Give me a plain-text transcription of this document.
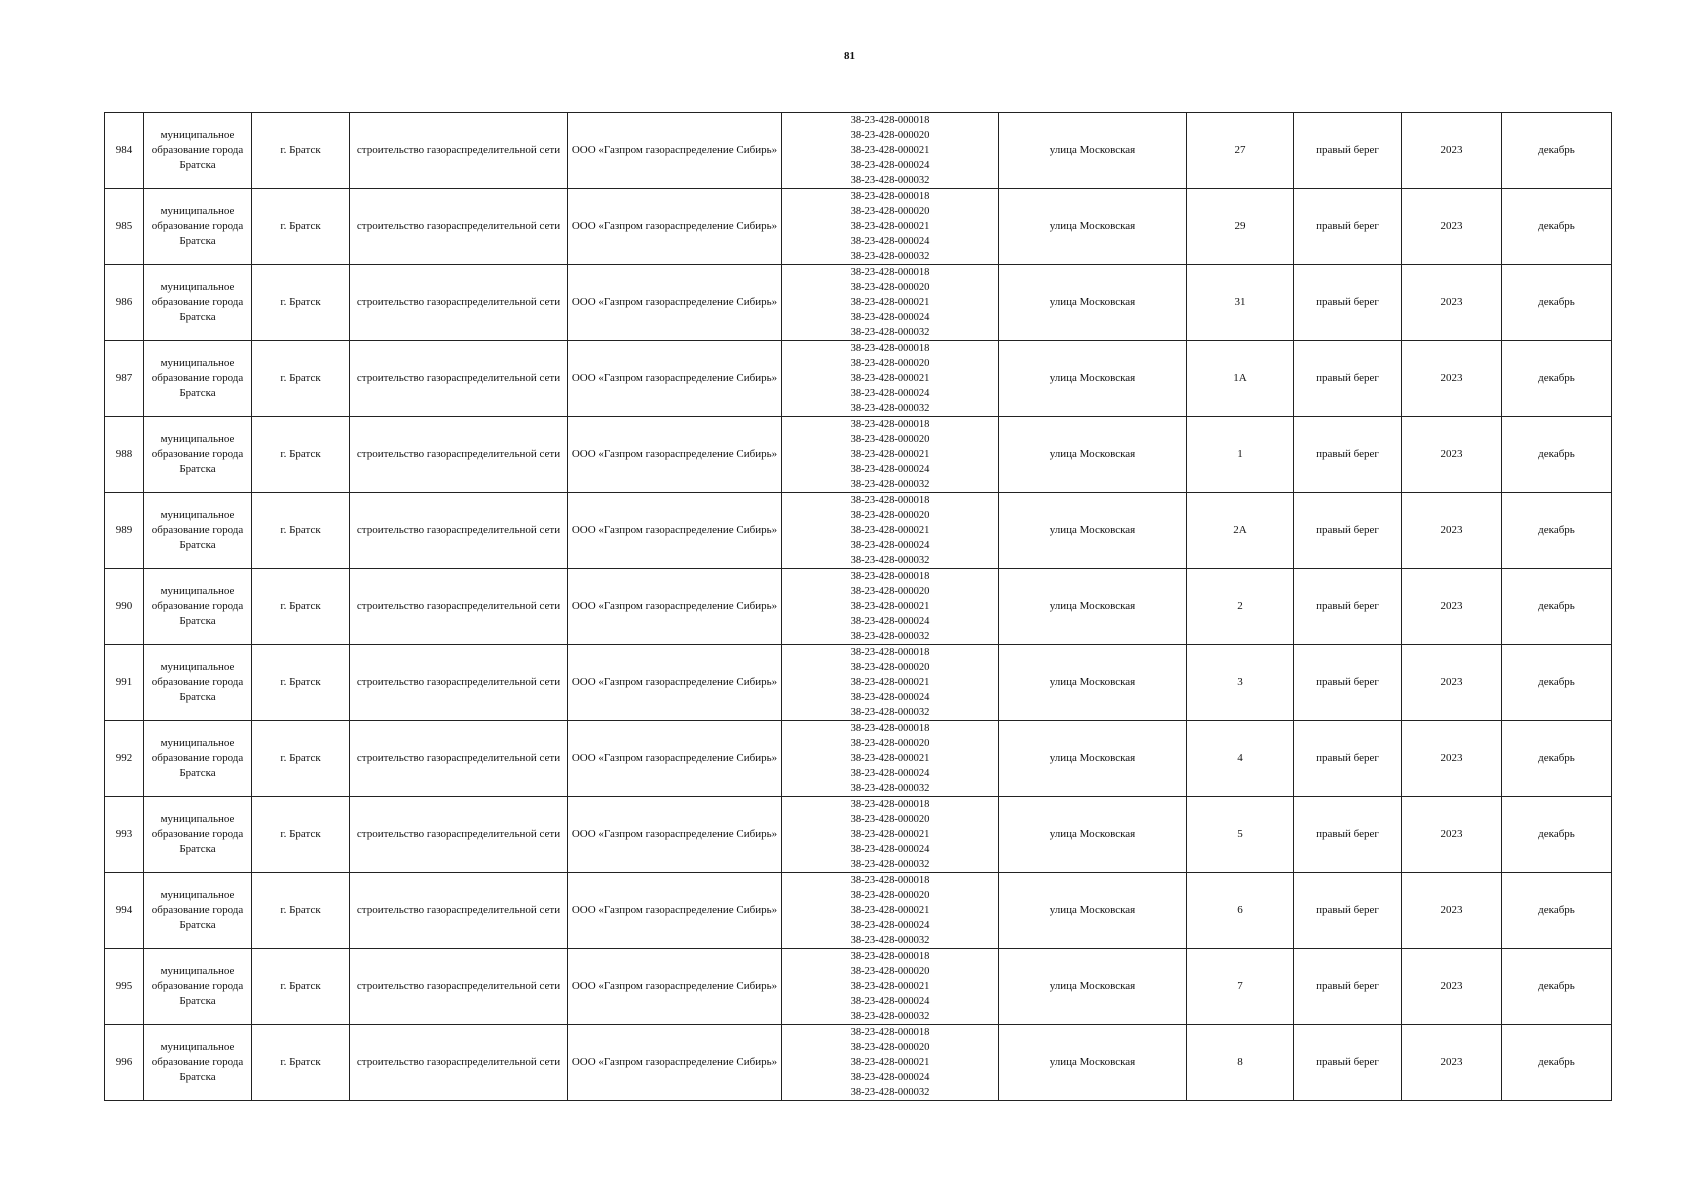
81
984	муниципальное образование города Братска	г. Братск	строительство газораспределительной сети	ООО «Газпром газораспределение Сибирь»	38-23-428-000018
38-23-428-000020
38-23-428-000021
38-23-428-000024
38-23-428-000032	улица Московская	27	правый берег	2023	декабрь
985	муниципальное образование города Братска	г. Братск	строительство газораспределительной сети	ООО «Газпром газораспределение Сибирь»	38-23-428-000018
38-23-428-000020
38-23-428-000021
38-23-428-000024
38-23-428-000032	улица Московская	29	правый берег	2023	декабрь
986	муниципальное образование города Братска	г. Братск	строительство газораспределительной сети	ООО «Газпром газораспределение Сибирь»	38-23-428-000018
38-23-428-000020
38-23-428-000021
38-23-428-000024
38-23-428-000032	улица Московская	31	правый берег	2023	декабрь
987	муниципальное образование города Братска	г. Братск	строительство газораспределительной сети	ООО «Газпром газораспределение Сибирь»	38-23-428-000018
38-23-428-000020
38-23-428-000021
38-23-428-000024
38-23-428-000032	улица Московская	1А	правый берег	2023	декабрь
988	муниципальное образование города Братска	г. Братск	строительство газораспределительной сети	ООО «Газпром газораспределение Сибирь»	38-23-428-000018
38-23-428-000020
38-23-428-000021
38-23-428-000024
38-23-428-000032	улица Московская	1	правый берег	2023	декабрь
989	муниципальное образование города Братска	г. Братск	строительство газораспределительной сети	ООО «Газпром газораспределение Сибирь»	38-23-428-000018
38-23-428-000020
38-23-428-000021
38-23-428-000024
38-23-428-000032	улица Московская	2А	правый берег	2023	декабрь
990	муниципальное образование города Братска	г. Братск	строительство газораспределительной сети	ООО «Газпром газораспределение Сибирь»	38-23-428-000018
38-23-428-000020
38-23-428-000021
38-23-428-000024
38-23-428-000032	улица Московская	2	правый берег	2023	декабрь
991	муниципальное образование города Братска	г. Братск	строительство газораспределительной сети	ООО «Газпром газораспределение Сибирь»	38-23-428-000018
38-23-428-000020
38-23-428-000021
38-23-428-000024
38-23-428-000032	улица Московская	3	правый берег	2023	декабрь
992	муниципальное образование города Братска	г. Братск	строительство газораспределительной сети	ООО «Газпром газораспределение Сибирь»	38-23-428-000018
38-23-428-000020
38-23-428-000021
38-23-428-000024
38-23-428-000032	улица Московская	4	правый берег	2023	декабрь
993	муниципальное образование города Братска	г. Братск	строительство газораспределительной сети	ООО «Газпром газораспределение Сибирь»	38-23-428-000018
38-23-428-000020
38-23-428-000021
38-23-428-000024
38-23-428-000032	улица Московская	5	правый берег	2023	декабрь
994	муниципальное образование города Братска	г. Братск	строительство газораспределительной сети	ООО «Газпром газораспределение Сибирь»	38-23-428-000018
38-23-428-000020
38-23-428-000021
38-23-428-000024
38-23-428-000032	улица Московская	6	правый берег	2023	декабрь
995	муниципальное образование города Братска	г. Братск	строительство газораспределительной сети	ООО «Газпром газораспределение Сибирь»	38-23-428-000018
38-23-428-000020
38-23-428-000021
38-23-428-000024
38-23-428-000032	улица Московская	7	правый берег	2023	декабрь
996	муниципальное образование города Братска	г. Братск	строительство газораспределительной сети	ООО «Газпром газораспределение Сибирь»	38-23-428-000018
38-23-428-000020
38-23-428-000021
38-23-428-000024
38-23-428-000032	улица Московская	8	правый берег	2023	декабрь
